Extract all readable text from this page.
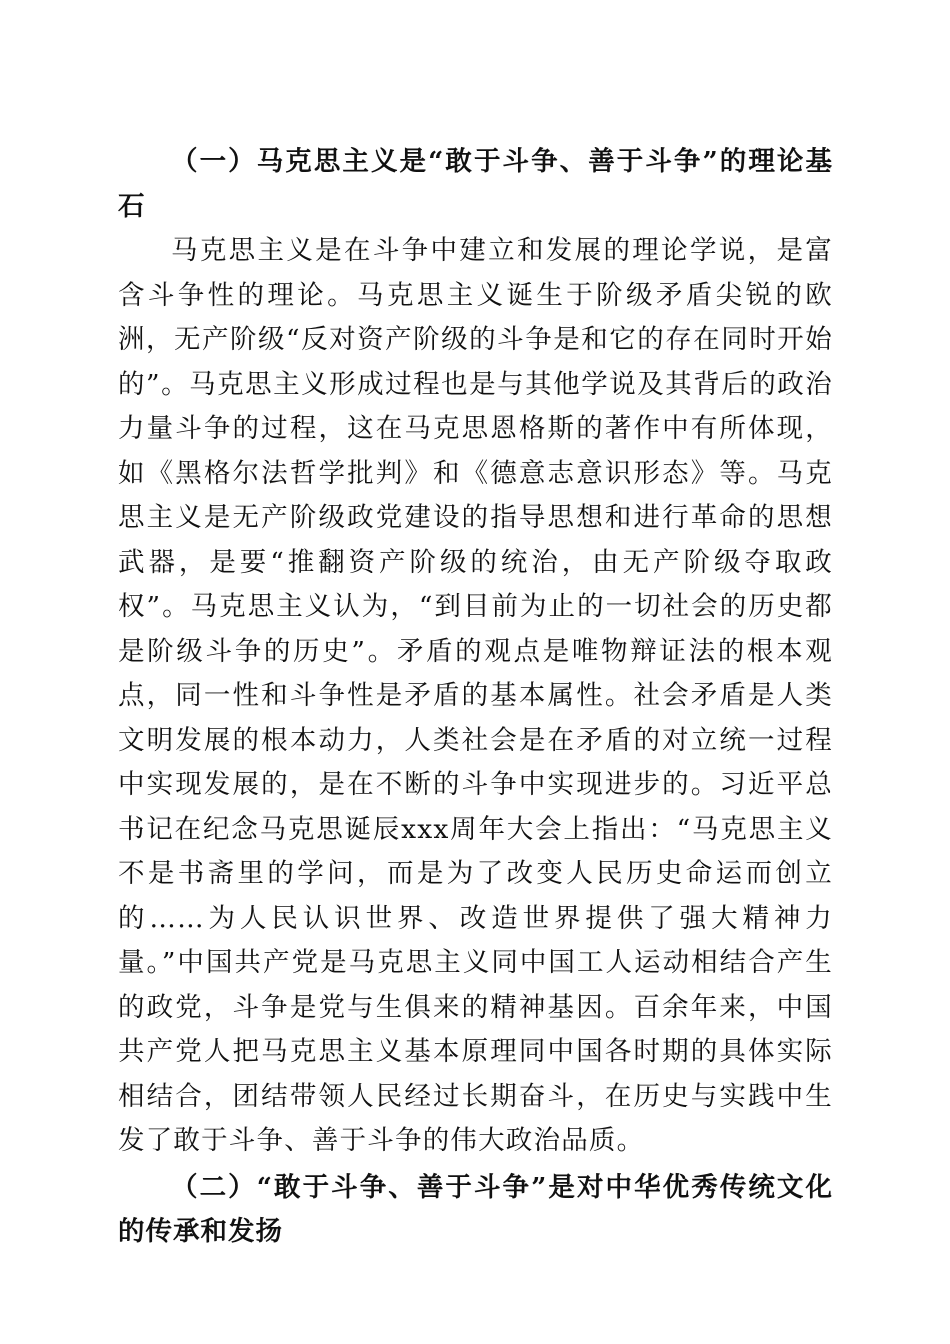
（一）马克思主义是“敢于斗争、善于斗争”的理论基石

马克思主义是在斗争中建立和发展的理论学说，是富含斗争性的理论。马克思主义诞生于阶级矛盾尖锐的欧洲，无产阶级“反对资产阶级的斗争是和它的存在同时开始的”。马克思主义形成过程也是与其他学说及其背后的政治力量斗争的过程，这在马克思恩格斯的著作中有所体现，如《黑格尔法哲学批判》和《德意志意识形态》等。马克思主义是无产阶级政党建设的指导思想和进行革命的思想武器，是要“推翻资产阶级的统治，由无产阶级夺取政权”。马克思主义认为，“到目前为止的一切社会的历史都是阶级斗争的历史”。矛盾的观点是唯物辩证法的根本观点，同一性和斗争性是矛盾的基本属性。社会矛盾是人类文明发展的根本动力，人类社会是在矛盾的对立统一过程中实现发展的，是在不断的斗争中实现进步的。习近平总书记在纪念马克思诞辰xxx周年大会上指出：“马克思主义不是书斋里的学问，而是为了改变人民历史命运而创立的……为人民认识世界、改造世界提供了强大精神力量。”中国共产党是马克思主义同中国工人运动相结合产生的政党，斗争是党与生俱来的精神基因。百余年来，中国共产党人把马克思主义基本原理同中国各时期的具体实际相结合，团结带领人民经过长期奋斗，在历史与实践中生发了敢于斗争、善于斗争的伟大政治品质。

（二）“敢于斗争、善于斗争”是对中华优秀传统文化的传承和发扬
